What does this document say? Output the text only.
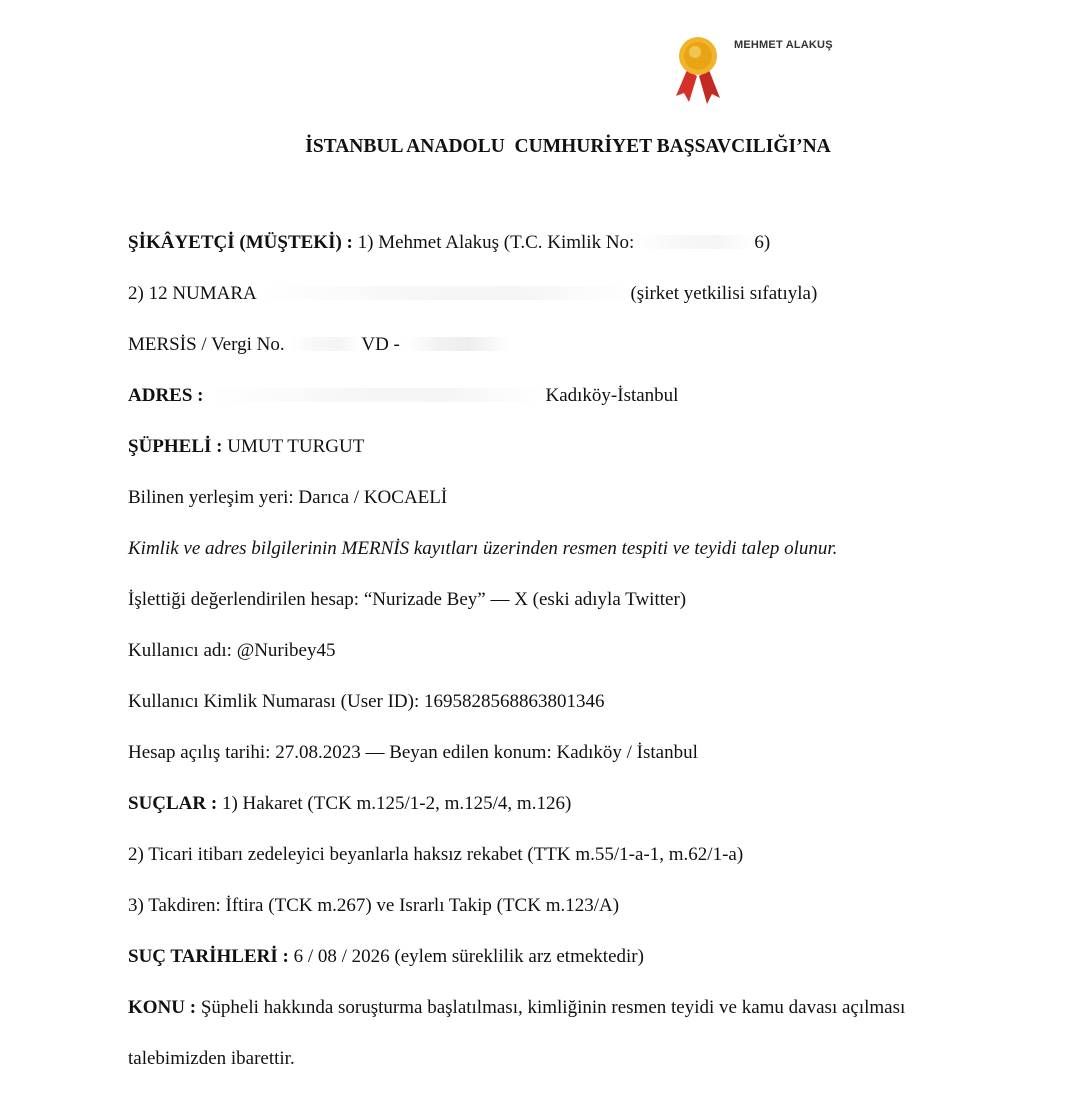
MEHMET ALAKUŞ
İSTANBUL ANADOLU  CUMHURİYET BAŞSAVCILIĞI’NA
ŞİKÂYETÇİ (MÜŞTEKİ) : 1) Mehmet Alakuş (T.C. Kimlik No:	6)
2) 12 NUMARA	(şirket yetkilisi sıfatıyla)
MERSİS / Vergi No.	VD -
ADRES :	Kadıköy-İstanbul
ŞÜPHELİ : UMUT TURGUT
Bilinen yerleşim yeri: Darıca / KOCAELİ
Kimlik ve adres bilgilerinin MERNİS kayıtları üzerinden resmen tespiti ve teyidi talep olunur.
İşlettiği değerlendirilen hesap: “Nurizade Bey” — X (eski adıyla Twitter)
Kullanıcı adı: @Nuribey45
Kullanıcı Kimlik Numarası (User ID): 1695828568863801346
Hesap açılış tarihi: 27.08.2023 — Beyan edilen konum: Kadıköy / İstanbul
SUÇLAR : 1) Hakaret (TCK m.125/1-2, m.125/4, m.126)
2) Ticari itibarı zedeleyici beyanlarla haksız rekabet (TTK m.55/1-a-1, m.62/1-a)
3) Takdiren: İftira (TCK m.267) ve Israrlı Takip (TCK m.123/A)
SUÇ TARİHLERİ : 6 / 08 / 2026 (eylem süreklilik arz etmektedir)
KONU : Şüpheli hakkında soruşturma başlatılması, kimliğinin resmen teyidi ve kamu davası açılması
talebimizden ibarettir.
